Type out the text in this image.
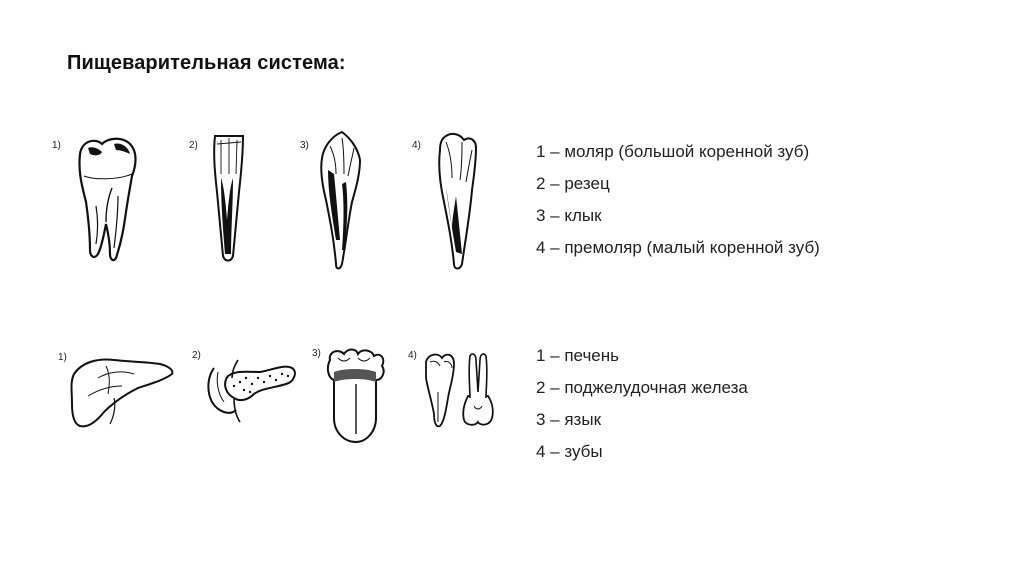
Пищеварительная система:
1)	2)	3)	4)	1 – моляр (большой коренной зуб)
2 – резец
3 – клык
4 – премоляр (малый коренной зуб)
1)	2)	3)	4)	1 – печень
2 – поджелудочная железа
3 – язык
4 – зубы
